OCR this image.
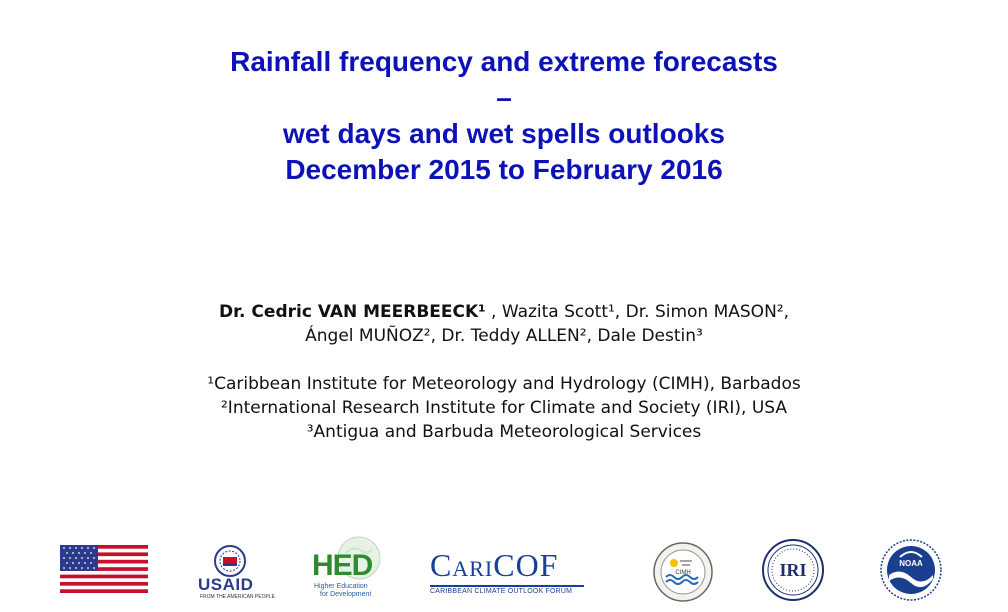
Rainfall frequency and extreme forecasts
–
wet days and wet spells outlooks
December 2015 to February 2016
Dr. Cedric VAN MEERBEECK¹ , Wazita Scott¹, Dr. Simon MASON²,
Ángel MUÑOZ², Dr. Teddy ALLEN², Dale Destin³
¹Caribbean Institute for Meteorology and Hydrology (CIMH), Barbados
²International Research Institute for Climate and Society (IRI), USA
³Antigua and Barbuda Meteorological Services
USAID
FROM THE AMERICAN PEOPLE
HED
Higher Education
for Development
CariCOF
CARIBBEAN CLIMATE OUTLOOK FORUM
CIMH	IRI	NOAA
